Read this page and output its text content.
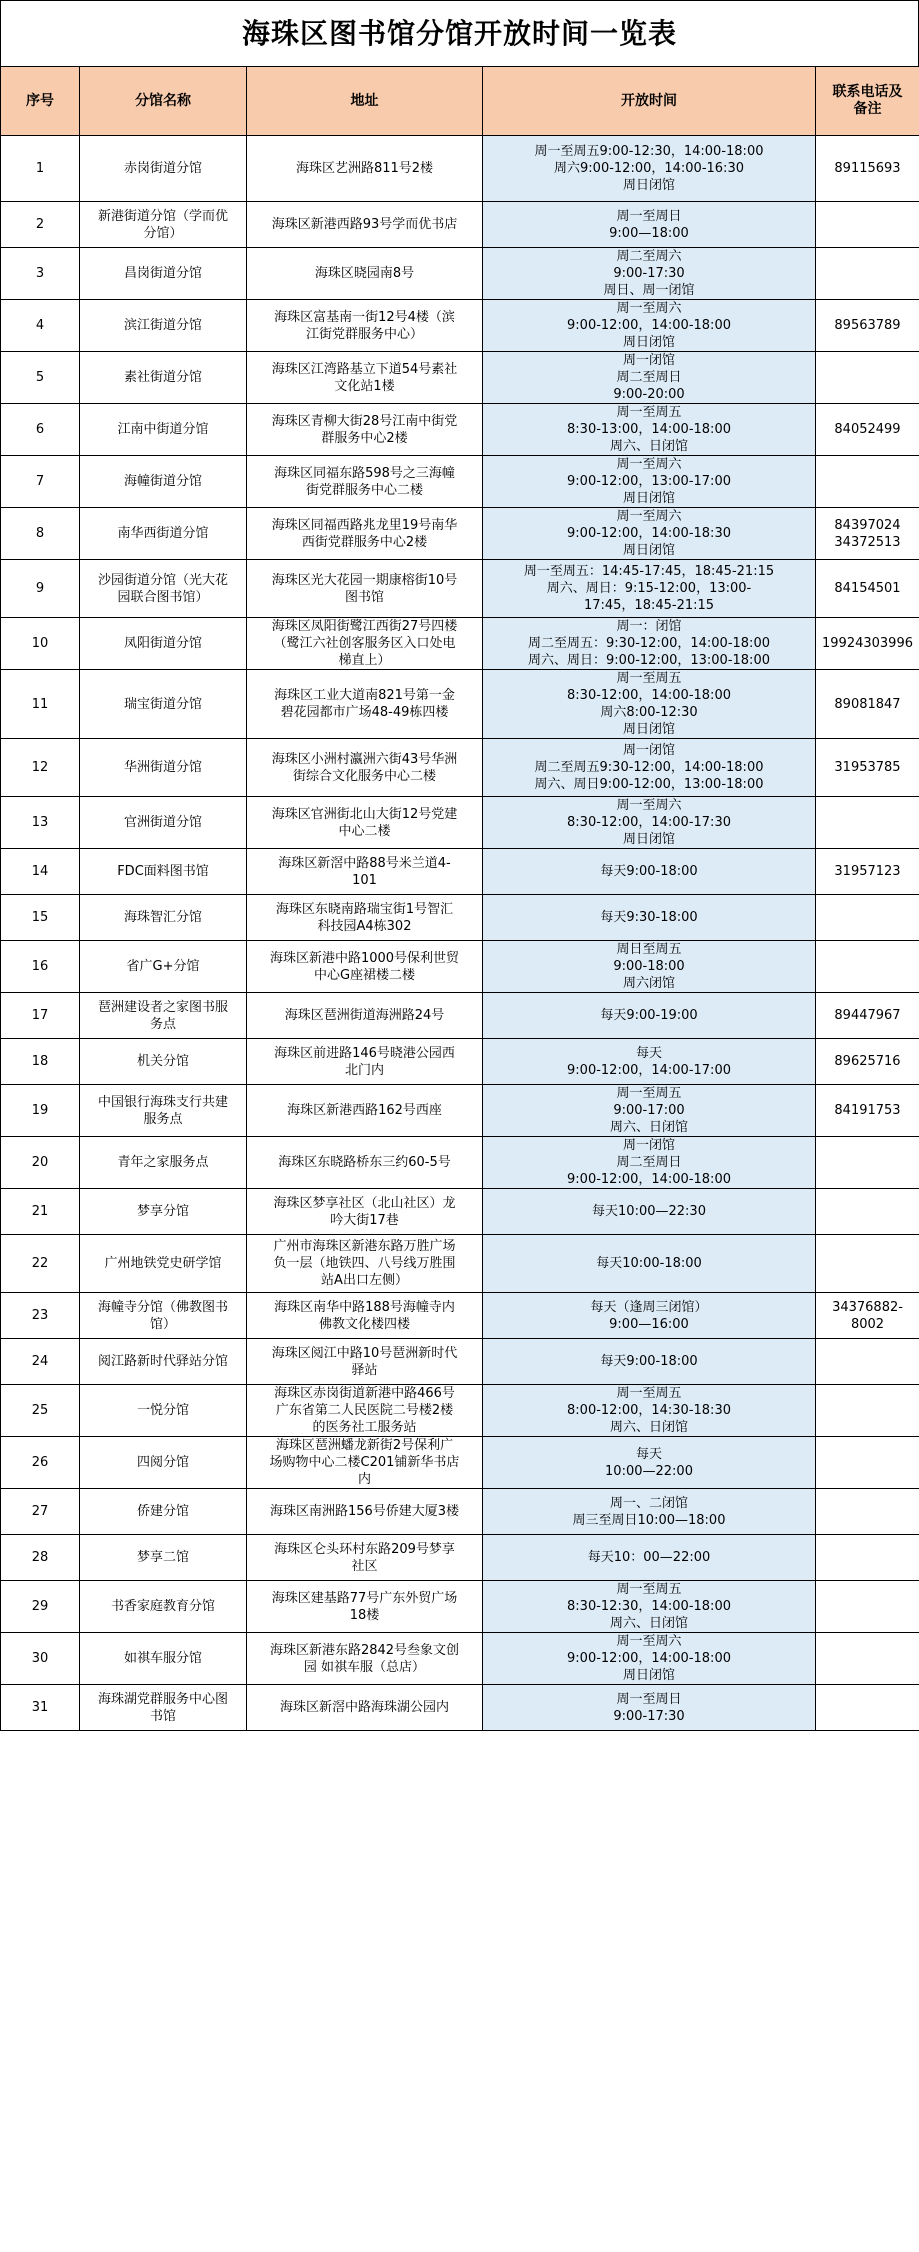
海珠区图书馆分馆开放时间一览表
序号	分馆名称	地址	开放时间	联系电话及
备注
1	赤岗街道分馆	海珠区艺洲路811号2楼	周一至周五9:00-12:30，14:00-18:00
周六9:00-12:00，14:00-16:30
周日闭馆	89115693
2	新港街道分馆（学而优
分馆）	海珠区新港西路93号学而优书店	周一至周日
9:00—18:00	
3	昌岗街道分馆	海珠区晓园南8号	周二至周六
9:00-17:30
周日、周一闭馆	
4	滨江街道分馆	海珠区富基南一街12号4楼（滨
江街党群服务中心）	周一至周六
9:00-12:00，14:00-18:00
周日闭馆	89563789
5	素社街道分馆	海珠区江湾路基立下道54号素社
文化站1楼	周一闭馆
周二至周日
9:00-20:00	
6	江南中街道分馆	海珠区青柳大街28号江南中街党
群服务中心2楼	周一至周五
8:30-13:00，14:00-18:00
周六、日闭馆	84052499
7	海幢街道分馆	海珠区同福东路598号之三海幢
街党群服务中心二楼	周一至周六
9:00-12:00，13:00-17:00
周日闭馆	
8	南华西街道分馆	海珠区同福西路兆龙里19号南华
西街党群服务中心2楼	周一至周六
9:00-12:00，14:00-18:30
周日闭馆	84397024
34372513
9	沙园街道分馆（光大花
园联合图书馆）	海珠区光大花园一期康榕街10号
图书馆	周一至周五：14:45-17:45，18:45-21:15
周六、周日：9:15-12:00，13:00-
17:45，18:45-21:15	84154501
10	凤阳街道分馆	海珠区凤阳街鹭江西街27号四楼
（鹭江六社创客服务区入口处电
梯直上）	周一：闭馆
周二至周五：9:30-12:00，14:00-18:00
周六、周日：9:00-12:00，13:00-18:00	19924303996
11	瑞宝街道分馆	海珠区工业大道南821号第一金
碧花园都市广场48-49栋四楼	周一至周五
8:30-12:00，14:00-18:00
周六8:00-12:30
周日闭馆	89081847
12	华洲街道分馆	海珠区小洲村瀛洲六街43号华洲
街综合文化服务中心二楼	周一闭馆
周二至周五9:30-12:00，14:00-18:00
周六、周日9:00-12:00，13:00-18:00	31953785
13	官洲街道分馆	海珠区官洲街北山大街12号党建
中心二楼	周一至周六
8:30-12:00，14:00-17:30
周日闭馆	
14	FDC面料图书馆	海珠区新滘中路88号米兰道4-
101	每天9:00-18:00	31957123
15	海珠智汇分馆	海珠区东晓南路瑞宝街1号智汇
科技园A4栋302	每天9:30-18:00	
16	省广G+分馆	海珠区新港中路1000号保利世贸
中心G座裙楼二楼	周日至周五
9:00-18:00
周六闭馆	
17	琶洲建设者之家图书服
务点	海珠区琶洲街道海洲路24号	每天9:00-19:00	89447967
18	机关分馆	海珠区前进路146号晓港公园西
北门内	每天
9:00-12:00，14:00-17:00	89625716
19	中国银行海珠支行共建
服务点	海珠区新港西路162号西座	周一至周五
9:00-17:00
周六、日闭馆	84191753
20	青年之家服务点	海珠区东晓路桥东三约60-5号	周一闭馆
周二至周日
9:00-12:00，14:00-18:00	
21	梦享分馆	海珠区梦享社区（北山社区）龙
吟大街17巷	每天10:00—22:30	
22	广州地铁党史研学馆	广州市海珠区新港东路万胜广场
负一层（地铁四、八号线万胜围
站A出口左侧）	每天10:00-18:00	
23	海幢寺分馆（佛教图书
馆）	海珠区南华中路188号海幢寺内
佛教文化楼四楼	每天（逢周三闭馆）
9:00—16:00	34376882-
8002
24	阅江路新时代驿站分馆	海珠区阅江中路10号琶洲新时代
驿站	每天9:00-18:00	
25	一悦分馆	海珠区赤岗街道新港中路466号
广东省第二人民医院二号楼2楼
的医务社工服务站	周一至周五
8:00-12:00，14:30-18:30
周六、日闭馆	
26	四阅分馆	海珠区琶洲蟠龙新街2号保利广
场购物中心二楼C201铺新华书店
内	每天
10:00—22:00	
27	侨建分馆	海珠区南洲路156号侨建大厦3楼	周一、二闭馆
周三至周日10:00—18:00	
28	梦享二馆	海珠区仑头环村东路209号梦享
社区	每天10：00—22:00	
29	书香家庭教育分馆	海珠区建基路77号广东外贸广场
18楼	周一至周五
8:30-12:30，14:00-18:00
周六、日闭馆	
30	如祺车服分馆	海珠区新港东路2842号叁象文创
园 如祺车服（总店）	周一至周六
9:00-12:00，14:00-18:00
周日闭馆	
31	海珠湖党群服务中心图
书馆	海珠区新滘中路海珠湖公园内	周一至周日
9:00-17:30	
